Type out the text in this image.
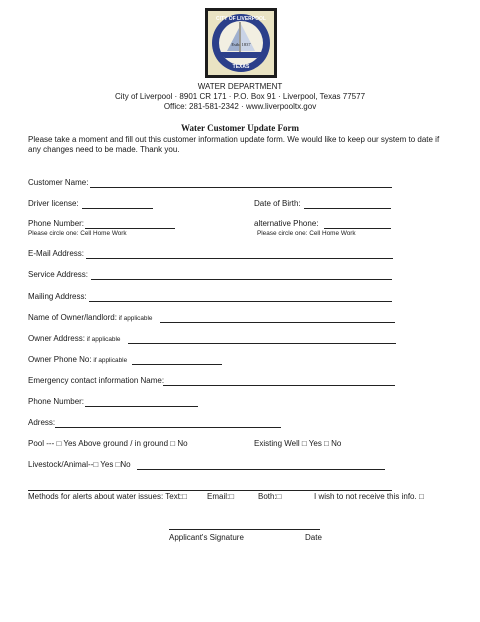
Estb. 1837
TEXAS
CITY OF LIVERPOOL
WATER DEPARTMENT
City of Liverpool · 8901 CR 171 · P.O. Box 91 · Liverpool, Texas 77577
Office: 281-581-2342 · www.liverpooltx.gov
Water Customer Update Form
Please take a moment and fill out this customer information update form. We would like to keep our system to date if
any changes need to be made. Thank you.
Customer Name:
Driver license:	Date of Birth:
Phone Number:	alternative Phone:
Please circle one: Cell Home Work	Please circle one: Cell Home Work
E-Mail Address:
Service Address:
Mailing Address:
Name of Owner/landlord: if applicable
Owner Address: if applicable
Owner Phone No: if applicable
Emergency contact information Name:
Phone Number:
Adress:
Pool --- □ Yes Above ground / in ground □ No	Existing Well □ Yes □ No
Livestock/Animal--□ Yes □No
Methods for alerts about water issues: Text:□	Email:□	Both:□	I wish to not receive this info. □
Applicant's Signature	Date
